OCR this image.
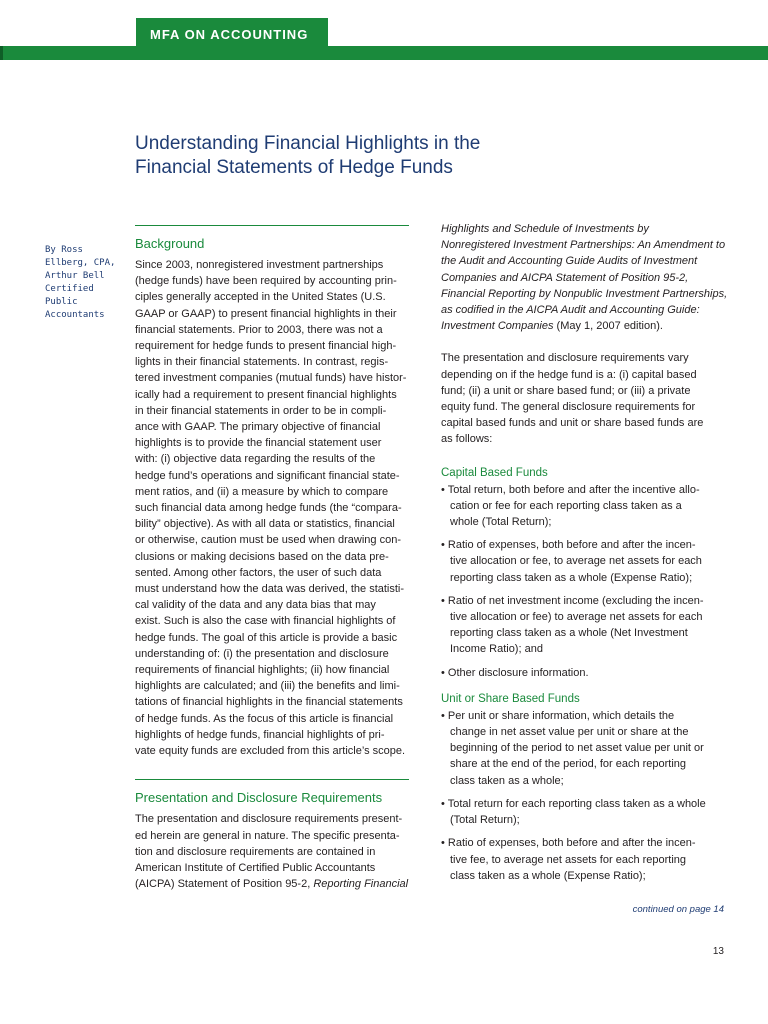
MFA ON ACCOUNTING
Understanding Financial Highlights in the
Financial Statements of Hedge Funds
By Ross
Ellberg, CPA,
Arthur Bell
Certified
Public
Accountants
Background
Since 2003, nonregistered investment partnerships
(hedge funds) have been required by accounting prin-
ciples generally accepted in the United States (U.S.
GAAP or GAAP) to present financial highlights in their
financial statements. Prior to 2003, there was not a
requirement for hedge funds to present financial high-
lights in their financial statements. In contrast, regis-
tered investment companies (mutual funds) have histor-
ically had a requirement to present financial highlights
in their financial statements in order to be in compli-
ance with GAAP. The primary objective of financial
highlights is to provide the financial statement user
with: (i) objective data regarding the results of the
hedge fund’s operations and significant financial state-
ment ratios, and (ii) a measure by which to compare
such financial data among hedge funds (the “compara-
bility” objective). As with all data or statistics, financial
or otherwise, caution must be used when drawing con-
clusions or making decisions based on the data pre-
sented. Among other factors, the user of such data
must understand how the data was derived, the statisti-
cal validity of the data and any data bias that may
exist. Such is also the case with financial highlights of
hedge funds. The goal of this article is provide a basic
understanding of: (i) the presentation and disclosure
requirements of financial highlights; (ii) how financial
highlights are calculated; and (iii) the benefits and limi-
tations of financial highlights in the financial statements
of hedge funds. As the focus of this article is financial
highlights of hedge funds, financial highlights of pri-
vate equity funds are excluded from this article’s scope.
Presentation and Disclosure Requirements
The presentation and disclosure requirements present-
ed herein are general in nature. The specific presenta-
tion and disclosure requirements are contained in
American Institute of Certified Public Accountants
(AICPA) Statement of Position 95-2, Reporting Financial
Highlights and Schedule of Investments by
Nonregistered Investment Partnerships: An Amendment to
the Audit and Accounting Guide Audits of Investment
Companies and AICPA Statement of Position 95-2,
Financial Reporting by Nonpublic Investment Partnerships,
as codified in the AICPA Audit and Accounting Guide:
Investment Companies (May 1, 2007 edition).
The presentation and disclosure requirements vary
depending on if the hedge fund is a: (i) capital based
fund; (ii) a unit or share based fund; or (iii) a private
equity fund. The general disclosure requirements for
capital based funds and unit or share based funds are
as follows:
Capital Based Funds
• Total return, both before and after the incentive allo-
cation or fee for each reporting class taken as a
whole (Total Return);
• Ratio of expenses, both before and after the incen-
tive allocation or fee, to average net assets for each
reporting class taken as a whole (Expense Ratio);
• Ratio of net investment income (excluding the incen-
tive allocation or fee) to average net assets for each
reporting class taken as a whole (Net Investment
Income Ratio); and
• Other disclosure information.
Unit or Share Based Funds
• Per unit or share information, which details the
change in net asset value per unit or share at the
beginning of the period to net asset value per unit or
share at the end of the period, for each reporting
class taken as a whole;
• Total return for each reporting class taken as a whole
(Total Return);
• Ratio of expenses, both before and after the incen-
tive fee, to average net assets for each reporting
class taken as a whole (Expense Ratio);
continued on page 14
13
